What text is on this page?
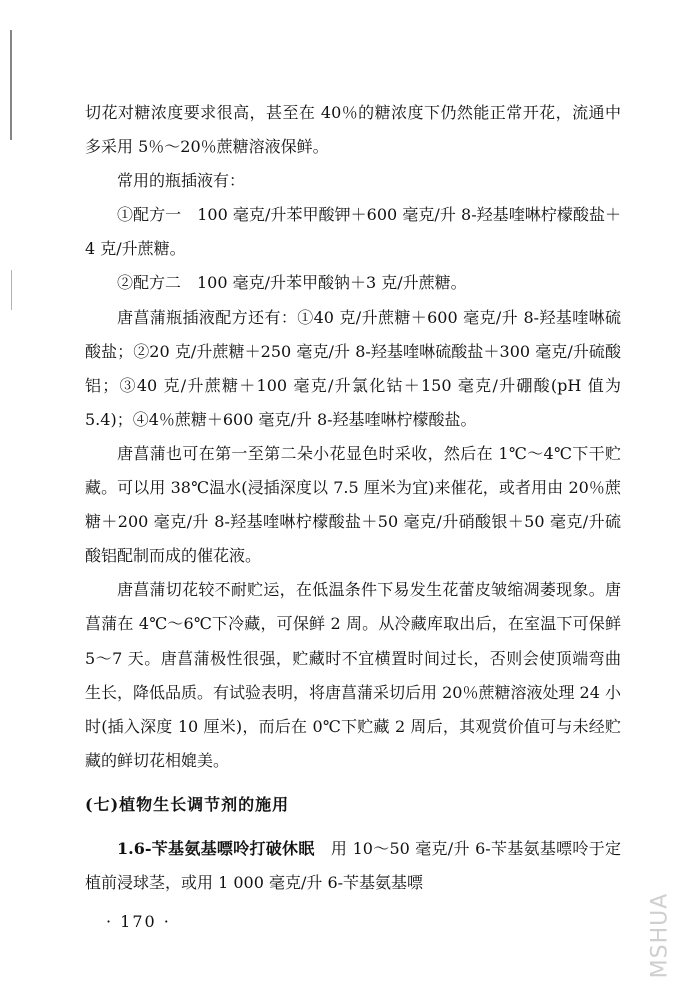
切花对糖浓度要求很高，甚至在 40％的糖浓度下仍然能正常开花，流通中多采用 5％～20％蔗糖溶液保鲜。

常用的瓶插液有：

①配方一　100 毫克/升苯甲酸钾＋600 毫克/升 8-羟基喹啉柠檬酸盐＋4 克/升蔗糖。

②配方二　100 毫克/升苯甲酸钠＋3 克/升蔗糖。

唐菖蒲瓶插液配方还有：①40 克/升蔗糖＋600 毫克/升 8-羟基喹啉硫酸盐；②20 克/升蔗糖＋250 毫克/升 8-羟基喹啉硫酸盐＋300 毫克/升硫酸铝；③40 克/升蔗糖＋100 毫克/升氯化钴＋150 毫克/升硼酸(pH 值为 5.4)；④4％蔗糖＋600 毫克/升 8-羟基喹啉柠檬酸盐。

唐菖蒲也可在第一至第二朵小花显色时采收，然后在 1℃～4℃下干贮藏。可以用 38℃温水(浸插深度以 7.5 厘米为宜)来催花，或者用由 20％蔗糖＋200 毫克/升 8-羟基喹啉柠檬酸盐＋50 毫克/升硝酸银＋50 毫克/升硫酸铝配制而成的催花液。

唐菖蒲切花较不耐贮运，在低温条件下易发生花蕾皮皱缩凋萎现象。唐菖蒲在 4℃～6℃下冷藏，可保鲜 2 周。从冷藏库取出后，在室温下可保鲜 5～7 天。唐菖蒲极性很强，贮藏时不宜横置时间过长，否则会使顶端弯曲生长，降低品质。有试验表明，将唐菖蒲采切后用 20％蔗糖溶液处理 24 小时(插入深度 10 厘米)，而后在 0℃下贮藏 2 周后，其观赏价值可与未经贮藏的鲜切花相媲美。

(七)植物生长调节剂的施用

1.6-苄基氨基嘌呤打破休眠　用 10～50 毫克/升 6-苄基氨基嘌呤于定植前浸球茎，或用 1 000 毫克/升 6-苄基氨基嘌

· 170 ·	MSHUA
